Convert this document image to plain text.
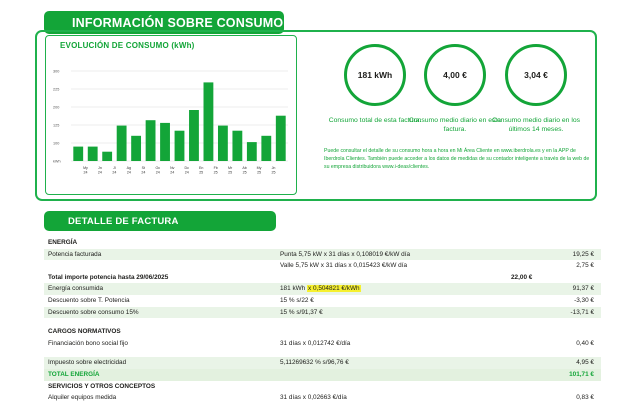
INFORMACIÓN SOBRE CONSUMO
EVOLUCIÓN DE CONSUMO (kWh)
300
225
200
125
100
kWh
My 24
Jn 24
Jl 24
Ag 24
St 24
Oc 24
Nv 24
Dc 24
En 25
Fb 25
Mr 25
Ab 25
My 25
Jn 25
181 kWh
Consumo total de esta factura.
4,00 €
Consumo medio diario en esta factura.
3,04 €
Consumo medio diario en los últimos 14 meses.
Puede consultar el detalle de su consumo hora a hora en Mi Área Cliente en www.iberdrola.es y en la APP de Iberdrola Clientes. También puede acceder a los datos de medidas de su contador inteligente a través de la web de su empresa distribuidora www.i-deas/clientes.
DETALLE DE FACTURA
ENERGÍA
Potencia facturada	Punta 5,75 kW x 31 días x 0,108019 €/kW día	19,25 €
Valle 5,75 kW x 31 días x 0,015423 €/kW día	2,75 €
Total importe potencia hasta 29/06/2025	22,00 €
Energía consumida	181 kWh x 0,504821 €/kWh	91,37 €
Descuento sobre T. Potencia	15 % s/22 €	-3,30 €
Descuento sobre consumo 15%	15 % s/91,37 €	-13,71 €
CARGOS NORMATIVOS
Financiación bono social fijo	31 días x 0,012742 €/día	0,40 €
Impuesto sobre electricidad	5,11269632 % s/96,76 €	4,95 €
TOTAL ENERGÍA	101,71 €
SERVICIOS Y OTROS CONCEPTOS
Alquiler equipos medida	31 días x 0,02663 €/día	0,83 €
